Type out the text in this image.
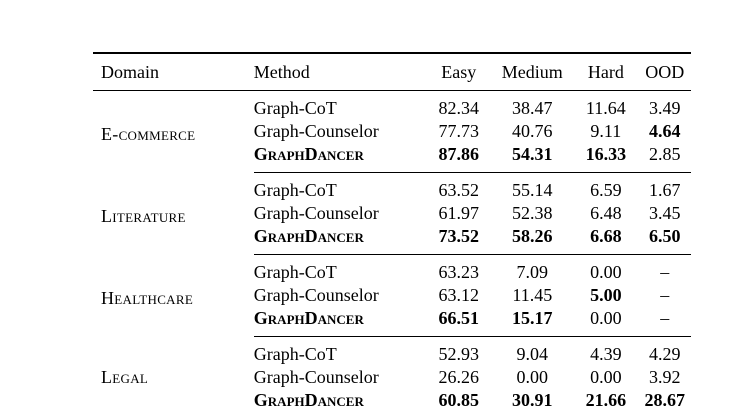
Domain	Method	Easy	Medium	Hard	OOD
E-commerce	Graph-CoT	82.34	38.47	11.64	3.49
	Graph-Counselor	77.73	40.76	9.11	4.64
	GraphDancer	87.86	54.31	16.33	2.85
Literature	Graph-CoT	63.52	55.14	6.59	1.67
	Graph-Counselor	61.97	52.38	6.48	3.45
	GraphDancer	73.52	58.26	6.68	6.50
Healthcare	Graph-CoT	63.23	7.09	0.00	–
	Graph-Counselor	63.12	11.45	5.00	–
	GraphDancer	66.51	15.17	0.00	–
Legal	Graph-CoT	52.93	9.04	4.39	4.29
	Graph-Counselor	26.26	0.00	0.00	3.92
	GraphDancer	60.85	30.91	21.66	28.67
